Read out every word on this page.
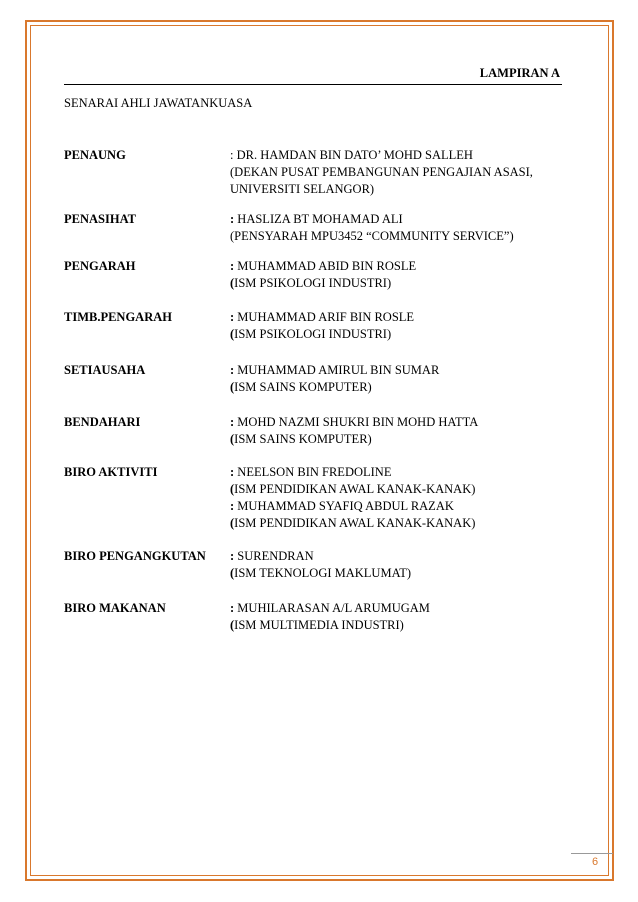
LAMPIRAN A
SENARAI AHLI JAWATANKUASA
PENAUNG	: DR. HAMDAN BIN DATO’ MOHD SALLEH
(DEKAN PUSAT PEMBANGUNAN PENGAJIAN ASASI,
UNIVERSITI SELANGOR)
PENASIHAT	: HASLIZA BT MOHAMAD ALI
(PENSYARAH MPU3452 “COMMUNITY SERVICE”)
PENGARAH	: MUHAMMAD ABID BIN ROSLE
(ISM PSIKOLOGI INDUSTRI)
TIMB.PENGARAH	: MUHAMMAD ARIF BIN ROSLE
(ISM PSIKOLOGI INDUSTRI)
SETIAUSAHA	: MUHAMMAD AMIRUL BIN SUMAR
(ISM SAINS KOMPUTER)
BENDAHARI	: MOHD NAZMI SHUKRI BIN MOHD HATTA
(ISM SAINS KOMPUTER)
BIRO AKTIVITI	: NEELSON BIN FREDOLINE
(ISM PENDIDIKAN AWAL KANAK-KANAK)
: MUHAMMAD SYAFIQ ABDUL RAZAK
(ISM PENDIDIKAN AWAL KANAK-KANAK)
BIRO PENGANGKUTAN	: SURENDRAN
(ISM TEKNOLOGI MAKLUMAT)
BIRO MAKANAN	: MUHILARASAN A/L ARUMUGAM
(ISM MULTIMEDIA INDUSTRI)
6
